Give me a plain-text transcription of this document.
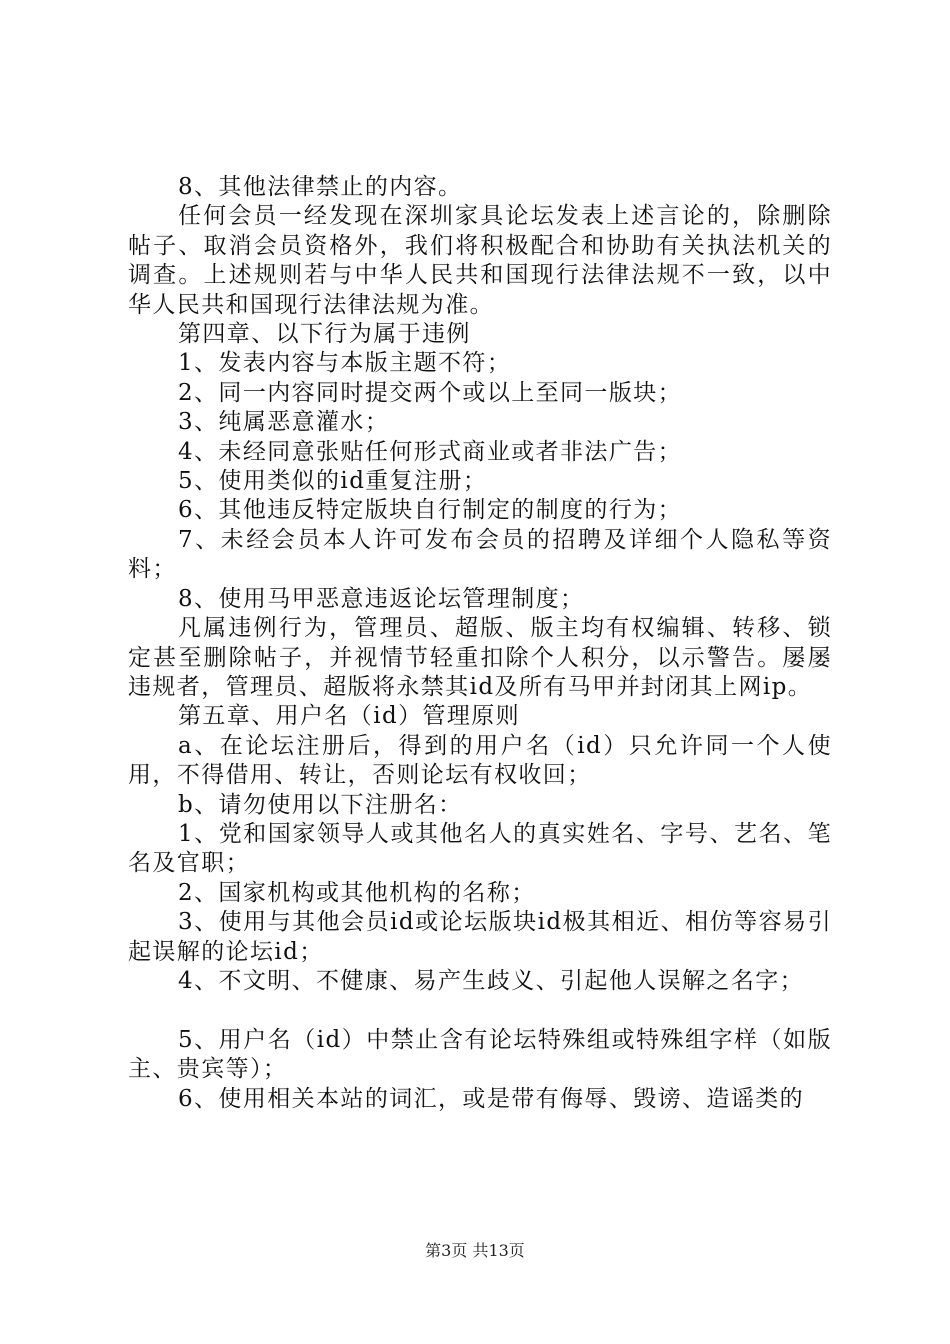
8、其他法律禁止的内容。

任何会员一经发现在深圳家具论坛发表上述言论的，除删除帖子、取消会员资格外，我们将积极配合和协助有关执法机关的调查。上述规则若与中华人民共和国现行法律法规不一致，以中华人民共和国现行法律法规为准。

第四章、以下行为属于违例

1、发表内容与本版主题不符；

2、同一内容同时提交两个或以上至同一版块；

3、纯属恶意灌水；

4、未经同意张贴任何形式商业或者非法广告；

5、使用类似的id重复注册；

6、其他违反特定版块自行制定的制度的行为；

7、未经会员本人许可发布会员的招聘及详细个人隐私等资料；

8、使用马甲恶意违返论坛管理制度；

凡属违例行为，管理员、超版、版主均有权编辑、转移、锁定甚至删除帖子，并视情节轻重扣除个人积分，以示警告。屡屡违规者，管理员、超版将永禁其id及所有马甲并封闭其上网ip。

第五章、用户名（id）管理原则

a、在论坛注册后，得到的用户名（id）只允许同一个人使用，不得借用、转让，否则论坛有权收回；

b、请勿使用以下注册名：

1、党和国家领导人或其他名人的真实姓名、字号、艺名、笔名及官职；

2、国家机构或其他机构的名称；

3、使用与其他会员id或论坛版块id极其相近、相仿等容易引起误解的论坛id；

4、不文明、不健康、易产生歧义、引起他人误解之名字；

5、用户名（id）中禁止含有论坛特殊组或特殊组字样（如版主、贵宾等）；

6、使用相关本站的词汇，或是带有侮辱、毁谤、造谣类的

第3页 共13页
